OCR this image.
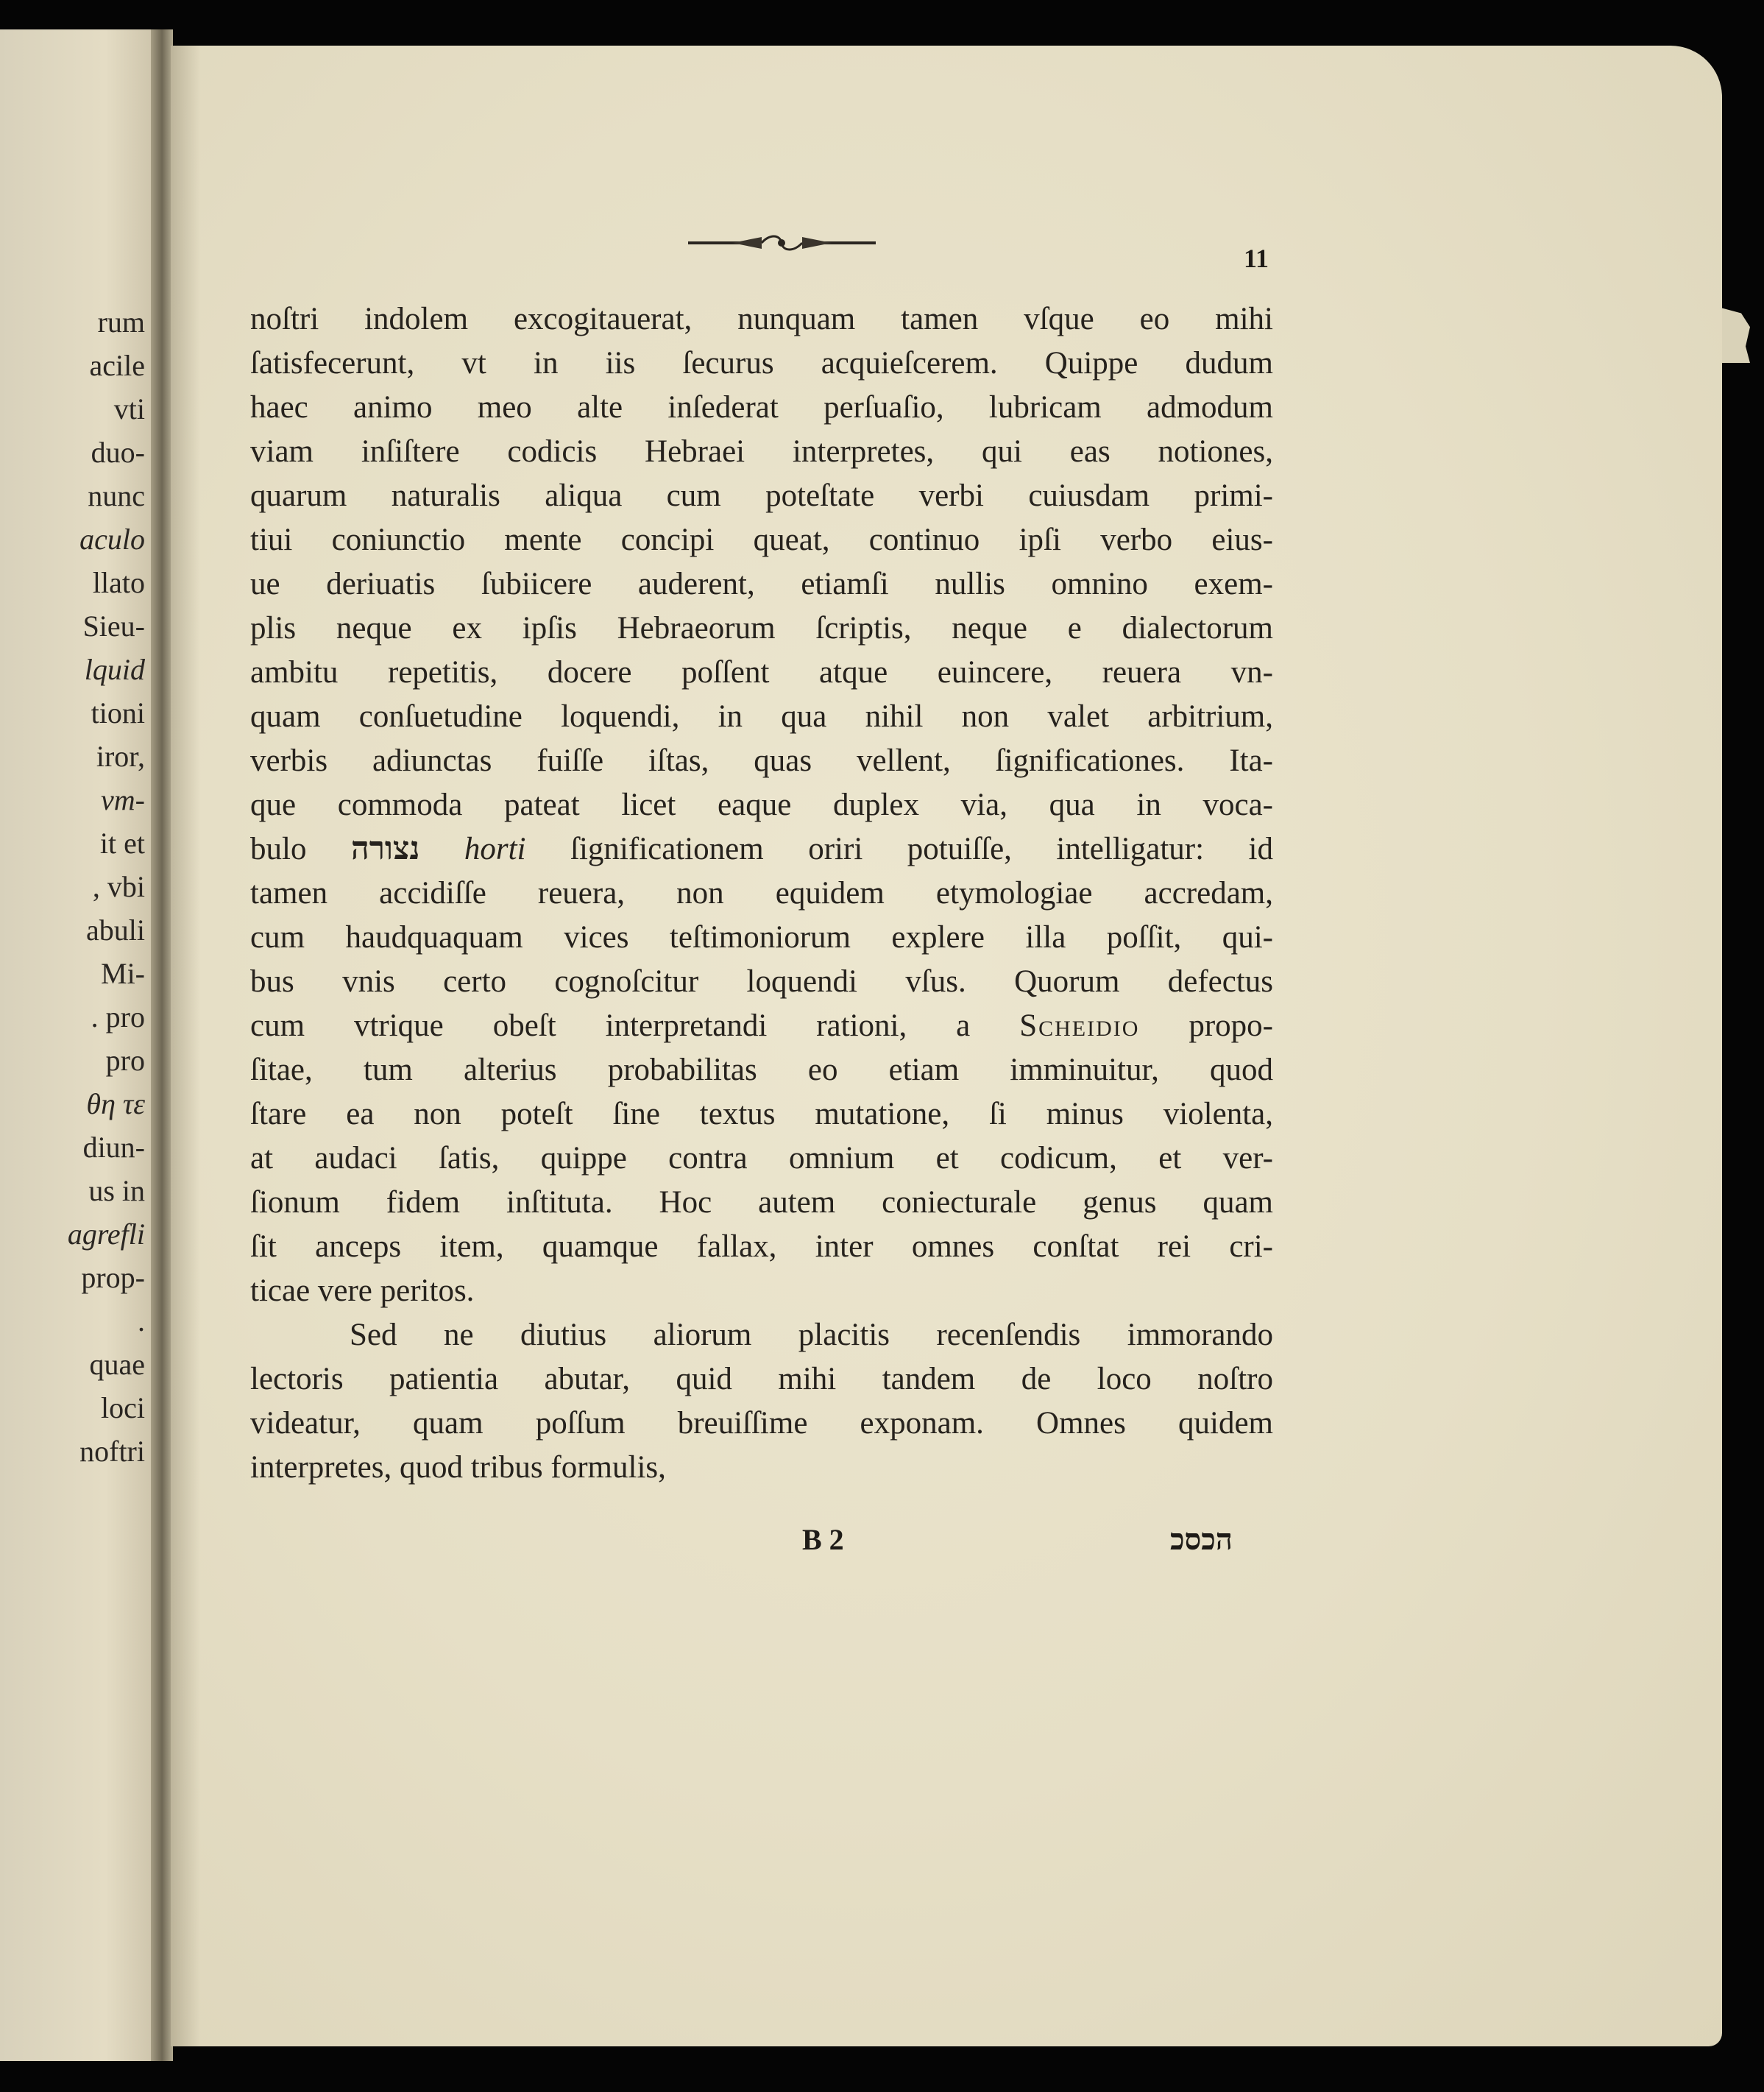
rum
acile
vti
duo-
nunc
aculo
llato
Sieu-
lquid
tioni
iror,
vm-
it et
, vbi
abuli
Mi-
. pro
pro
θη τε
diun-
us in
agrefli
prop-
.
quae
loci
noftri
11
noſtri indolem excogitauerat, nunquam tamen vſque eo mihi
ſatisfecerunt, vt in iis ſecurus acquieſcerem. Quippe dudum
haec animo meo alte inſederat perſuaſio, lubricam admodum
viam inſiſtere codicis Hebraei interpretes, qui eas notiones,
quarum naturalis aliqua cum poteſtate verbi cuiusdam primi-
tiui coniunctio mente concipi queat, continuo ipſi verbo eius-
ue deriuatis ſubiicere auderent, etiamſi nullis omnino exem-
plis neque ex ipſis Hebraeorum ſcriptis, neque e dialectorum
ambitu repetitis, docere poſſent atque euincere, reuera vn-
quam conſuetudine loquendi, in qua nihil non valet arbitrium,
verbis adiunctas fuiſſe iſtas, quas vellent, ſignificationes. Ita-
que commoda pateat licet eaque duplex via, qua in voca-
bulo נצורה horti ſignificationem oriri potuiſſe, intelligatur: id
tamen accidiſſe reuera, non equidem etymologiae accredam,
cum haudquaquam vices teſtimoniorum explere illa poſſit, qui-
bus vnis certo cognoſcitur loquendi vſus. Quorum defectus
cum vtrique obeſt interpretandi rationi, a Scheidio propo-
ſitae, tum alterius probabilitas eo etiam imminuitur, quod
ſtare ea non poteſt ſine textus mutatione, ſi minus violenta,
at audaci ſatis, quippe contra omnium et codicum, et ver-
ſionum fidem inſtituta. Hoc autem coniecturale genus quam
ſit anceps item, quamque fallax, inter omnes conſtat rei cri-
ticae vere peritos.
Sed ne diutius aliorum placitis recenſendis immorando
lectoris patientia abutar, quid mihi tandem de loco noſtro
videatur, quam poſſum breuiſſime exponam. Omnes quidem
interpretes, quod tribus formulis,
B 2	הכסכ
